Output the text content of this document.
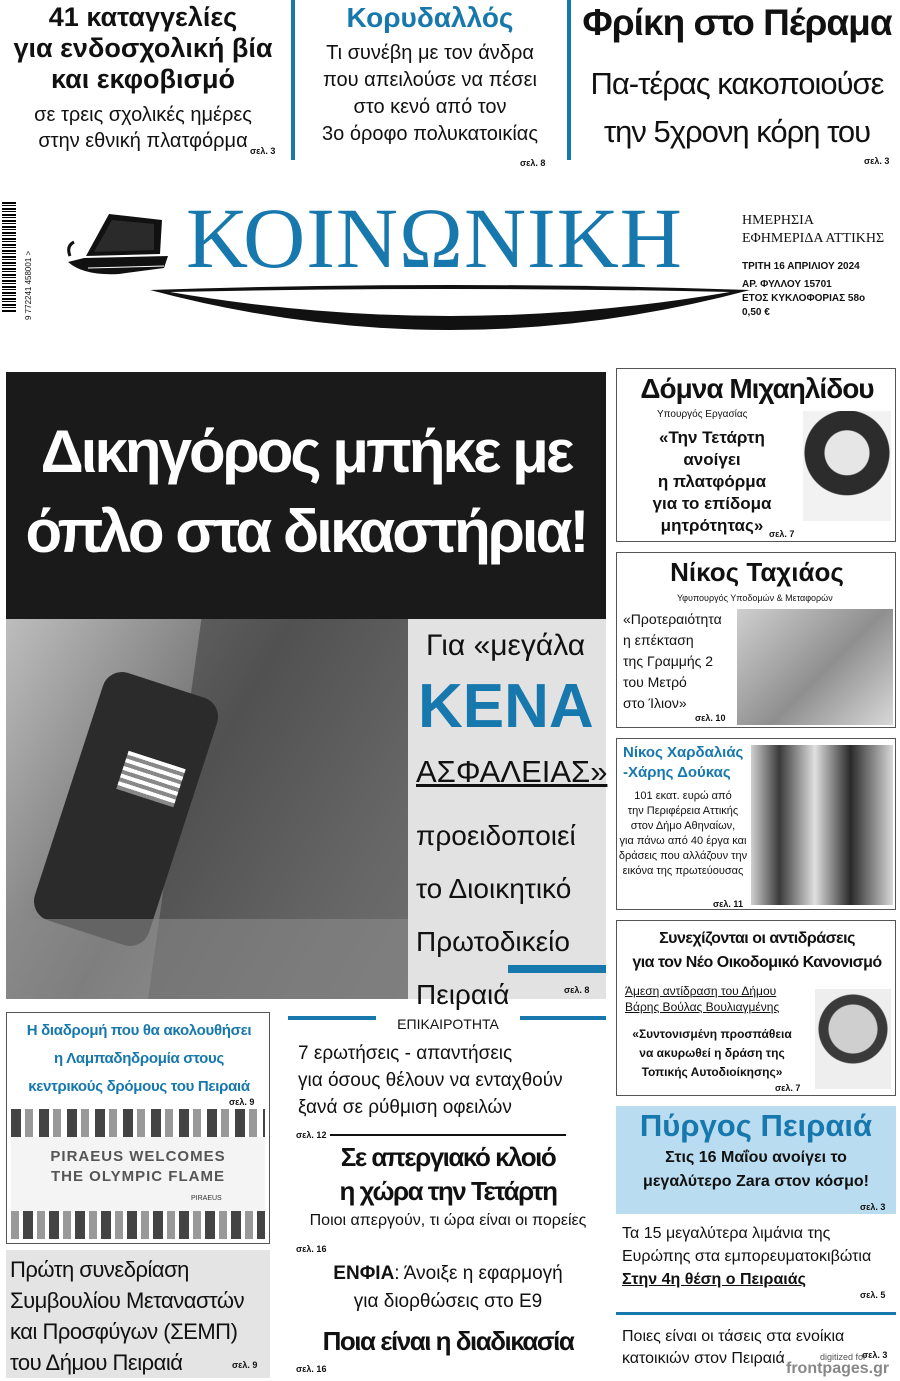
41 καταγγελίες
για ενδοσχολική βία
και εκφοβισμό
σε τρεις σχολικές ημέρες
στην εθνική πλατφόρμα σελ. 3
Κορυδαλλός
Τι συνέβη με τον άνδρα
που απειλούσε να πέσει
στο κενό από τον
3ο όροφο πολυκατοικίας
σελ. 8
Φρίκη στο Πέραμα
Πα-τέρας κακοποιούσε
την 5χρονη κόρη του
σελ. 3
9 772241 458001 > ΚΟΙΝΩΝΙΚΗ	ΗΜΕΡΗΣΙΑ
ΕΦΗΜΕΡΙΔΑ ΑΤΤΙΚΗΣ
ΤΡΙΤΗ 16 ΑΠΡΙΛΙΟΥ 2024
ΑΡ. ΦΥΛΛΟΥ 15701
ΕΤΟΣ ΚΥΚΛΟΦΟΡΙΑΣ 58ο
0,50 €
Δικηγόρος μπήκε με
όπλο στα δικαστήρια!
Για «μεγάλα
ΚΕΝΑ
ΑΣΦΑΛΕΙΑΣ»
προειδοποιεί
το Διοικητικό
Πρωτοδικείο
Πειραιά	σελ. 8
Δόμνα Μιχαηλίδου
Υπουργός Εργασίας
«Την Τετάρτη
ανοίγει
η πλατφόρμα
για το επίδομα
μητρότητας» σελ. 7
Νίκος Ταχιάος
Υφυπουργός Υποδομών & Μεταφορών
«Προτεραιότητα
η επέκταση
της Γραμμής 2
του Μετρό
στο Ίλιον»
σελ. 10
Νίκος Χαρδαλιάς
-Χάρης Δούκας
101 εκατ. ευρώ από
την Περιφέρεια Αττικής
στον Δήμο Αθηναίων,
για πάνω από 40 έργα και
δράσεις που αλλάζουν την
εικόνα της πρωτεύουσας
σελ. 11
Συνεχίζονται οι αντιδράσεις
για τον Νέο Οικοδομικό Κανονισμό
Άμεση αντίδραση του Δήμου
Βάρης Βούλας Βουλιαγμένης
«Συντονισμένη προσπάθεια
να ακυρωθεί η δράση της
Τοπικής Αυτοδιοίκησης»
σελ. 7
Πύργος Πειραιά
Στις 16 Μαΐου ανοίγει το
μεγαλύτερο Zara στον κόσμο!
σελ. 3
Τα 15 μεγαλύτερα λιμάνια της
Ευρώπης στα εμπορευματοκιβώτια
Στην 4η θέση ο Πειραιάς
σελ. 5
Ποιες είναι οι τάσεις στα ενοίκια
κατοικιών στον Πειραιά	σελ. 3
Η διαδρομή που θα ακολουθήσει
η Λαμπαδηδρομία στους
κεντρικούς δρόμους του Πειραιά
σελ. 9
PIRAEUS WELCOMES
THE OLYMPIC FLAME
PIRAEUS
Πρώτη συνεδρίαση
Συμβουλίου Μεταναστών
και Προσφύγων (ΣΕΜΠ)
του Δήμου Πειραιά	σελ. 9
ΕΠΙΚΑΙΡΟΤΗΤΑ
7 ερωτήσεις - απαντήσεις
για όσους θέλουν να ενταχθούν
ξανά σε ρύθμιση οφειλών
σελ. 12
Σε απεργιακό κλοιό
η χώρα την Τετάρτη
Ποιοι απεργούν, τι ώρα είναι οι πορείες
σελ. 16
ΕΝΦΙΑ: Άνοιξε η εφαρμογή
για διορθώσεις στο Ε9
Ποια είναι η διαδικασία
σελ. 16
digitized for
frontpages.gr
